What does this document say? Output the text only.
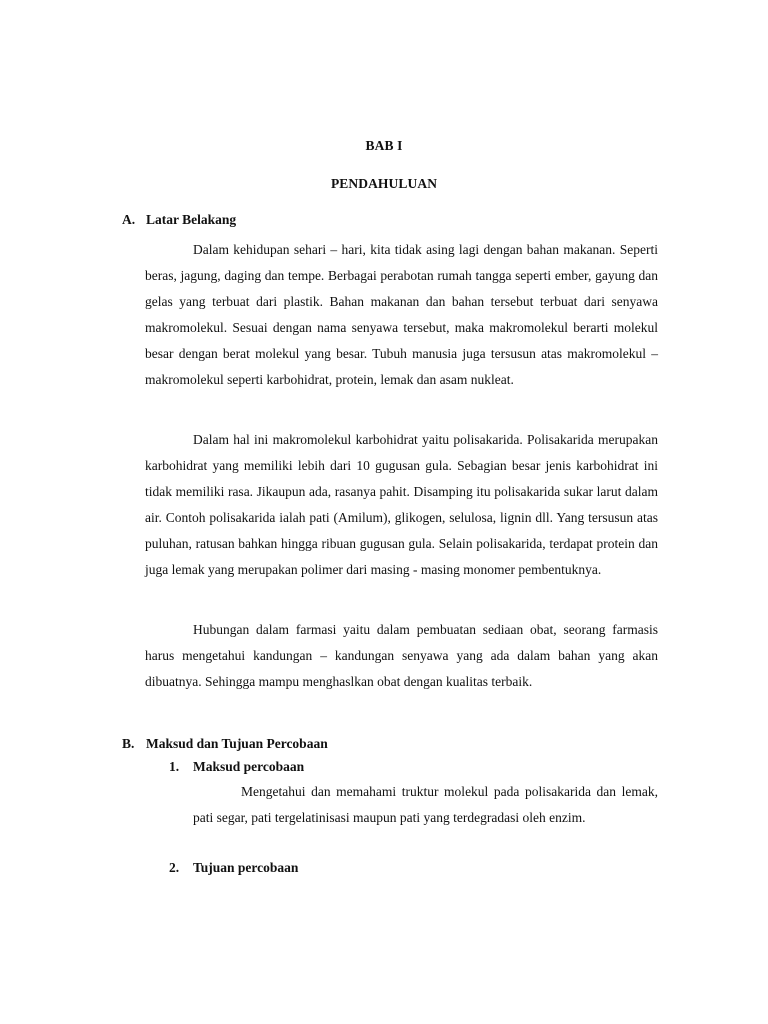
BAB I
PENDAHULUAN
A. Latar Belakang

Dalam kehidupan sehari – hari, kita tidak asing lagi dengan bahan makanan. Seperti beras, jagung, daging dan tempe. Berbagai perabotan rumah tangga seperti ember, gayung dan gelas yang terbuat dari plastik. Bahan makanan dan bahan tersebut terbuat dari senyawa makromolekul. Sesuai dengan nama senyawa tersebut, maka makromolekul berarti molekul besar dengan berat molekul yang besar. Tubuh manusia juga tersusun atas makromolekul – makromolekul seperti karbohidrat, protein, lemak dan asam nukleat.

Dalam hal ini makromolekul karbohidrat yaitu polisakarida. Polisakarida merupakan karbohidrat yang memiliki lebih dari 10 gugusan gula. Sebagian besar jenis karbohidrat ini tidak memiliki rasa. Jikaupun ada, rasanya pahit. Disamping itu polisakarida sukar larut dalam air. Contoh polisakarida ialah pati (Amilum), glikogen, selulosa, lignin dll. Yang tersusun atas puluhan, ratusan bahkan hingga ribuan gugusan gula. Selain polisakarida, terdapat protein dan juga lemak yang merupakan polimer dari masing - masing monomer pembentuknya.

Hubungan dalam farmasi yaitu dalam pembuatan sediaan obat, seorang farmasis harus mengetahui kandungan – kandungan senyawa yang ada dalam bahan yang akan dibuatnya. Sehingga mampu menghaslkan obat dengan kualitas terbaik.

B. Maksud dan Tujuan Percobaan
1. Maksud percobaan

Mengetahui dan memahami truktur molekul pada polisakarida dan lemak, pati segar, pati tergelatinisasi maupun pati yang terdegradasi oleh enzim.

2. Tujuan percobaan
